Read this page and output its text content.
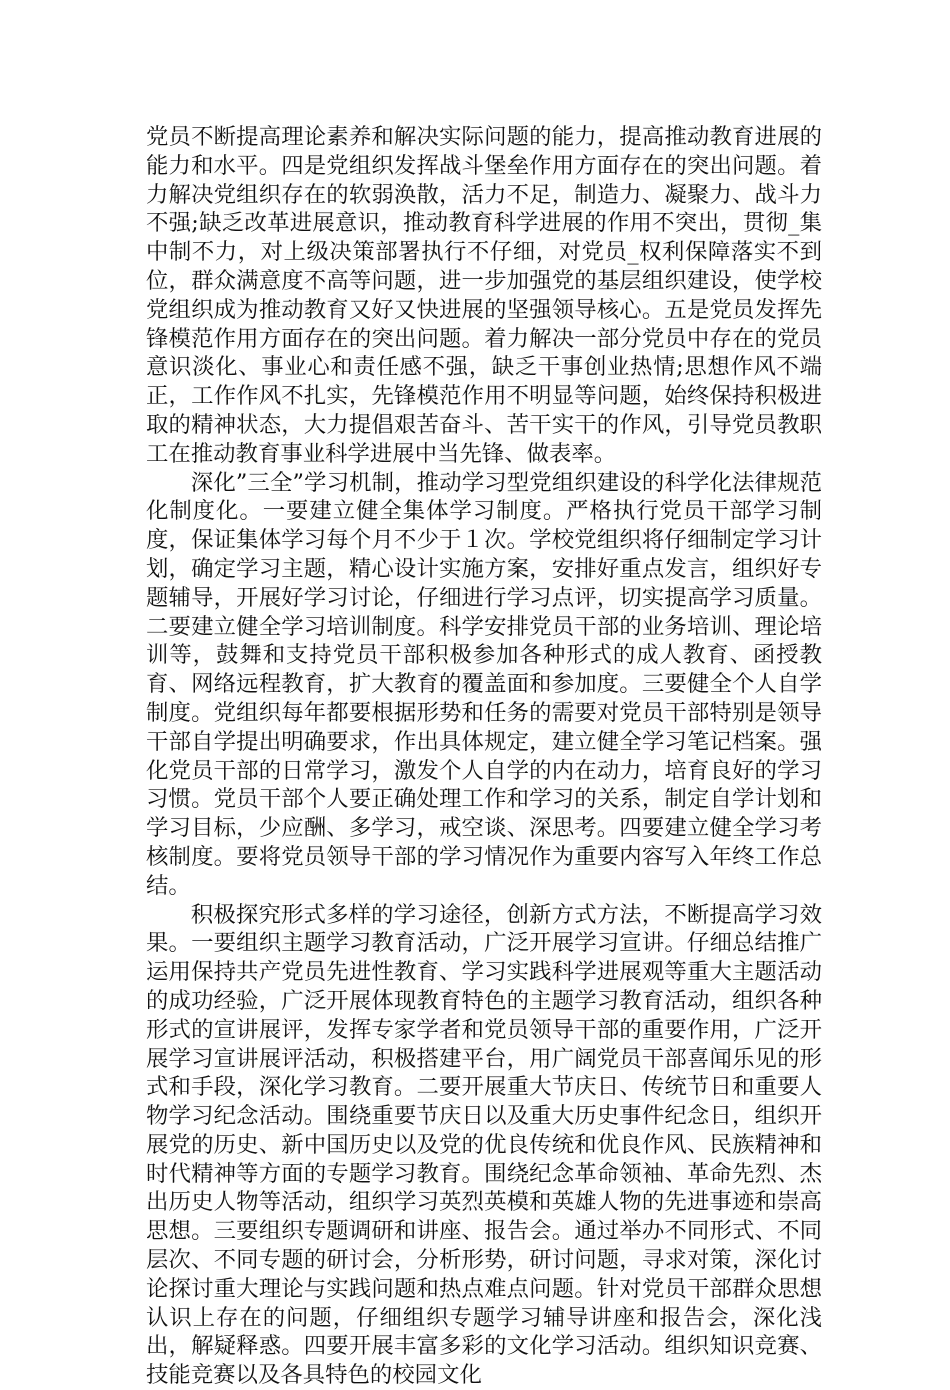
党员不断提高理论素养和解决实际问题的能力，提高推动教育进展的能力和水平。四是党组织发挥战斗堡垒作用方面存在的突出问题。着力解决党组织存在的软弱涣散，活力不足，制造力、凝聚力、战斗力不强;缺乏改革进展意识，推动教育科学进展的作用不突出，贯彻_集中制不力，对上级决策部署执行不仔细，对党员_权利保障落实不到位，群众满意度不高等问题，进一步加强党的基层组织建设，使学校党组织成为推动教育又好又快进展的坚强领导核心。五是党员发挥先锋模范作用方面存在的突出问题。着力解决一部分党员中存在的党员意识淡化、事业心和责任感不强，缺乏干事创业热情;思想作风不端正，工作作风不扎实，先锋模范作用不明显等问题，始终保持积极进取的精神状态，大力提倡艰苦奋斗、苦干实干的作风，引导党员教职工在推动教育事业科学进展中当先锋、做表率。

深化”三全”学习机制，推动学习型党组织建设的科学化法律规范化制度化。一要建立健全集体学习制度。严格执行党员干部学习制度，保证集体学习每个月不少于１次。学校党组织将仔细制定学习计划，确定学习主题，精心设计实施方案，安排好重点发言，组织好专题辅导，开展好学习讨论，仔细进行学习点评，切实提高学习质量。二要建立健全学习培训制度。科学安排党员干部的业务培训、理论培训等，鼓舞和支持党员干部积极参加各种形式的成人教育、函授教育、网络远程教育，扩大教育的覆盖面和参加度。三要健全个人自学制度。党组织每年都要根据形势和任务的需要对党员干部特别是领导干部自学提出明确要求，作出具体规定，建立健全学习笔记档案。强化党员干部的日常学习，激发个人自学的内在动力，培育良好的学习习惯。党员干部个人要正确处理工作和学习的关系，制定自学计划和学习目标，少应酬、多学习，戒空谈、深思考。四要建立健全学习考核制度。要将党员领导干部的学习情况作为重要内容写入年终工作总结。

积极探究形式多样的学习途径，创新方式方法，不断提高学习效果。一要组织主题学习教育活动，广泛开展学习宣讲。仔细总结推广运用保持共产党员先进性教育、学习实践科学进展观等重大主题活动的成功经验，广泛开展体现教育特色的主题学习教育活动，组织各种形式的宣讲展评，发挥专家学者和党员领导干部的重要作用，广泛开展学习宣讲展评活动，积极搭建平台，用广阔党员干部喜闻乐见的形式和手段，深化学习教育。二要开展重大节庆日、传统节日和重要人物学习纪念活动。围绕重要节庆日以及重大历史事件纪念日，组织开展党的历史、新中国历史以及党的优良传统和优良作风、民族精神和时代精神等方面的专题学习教育。围绕纪念革命领袖、革命先烈、杰出历史人物等活动，组织学习英烈英模和英雄人物的先进事迹和崇高思想。三要组织专题调研和讲座、报告会。通过举办不同形式、不同层次、不同专题的研讨会，分析形势，研讨问题，寻求对策，深化讨论探讨重大理论与实践问题和热点难点问题。针对党员干部群众思想认识上存在的问题，仔细组织专题学习辅导讲座和报告会，深化浅出，解疑释惑。四要开展丰富多彩的文化学习活动。组织知识竞赛、技能竞赛以及各具特色的校园文化
